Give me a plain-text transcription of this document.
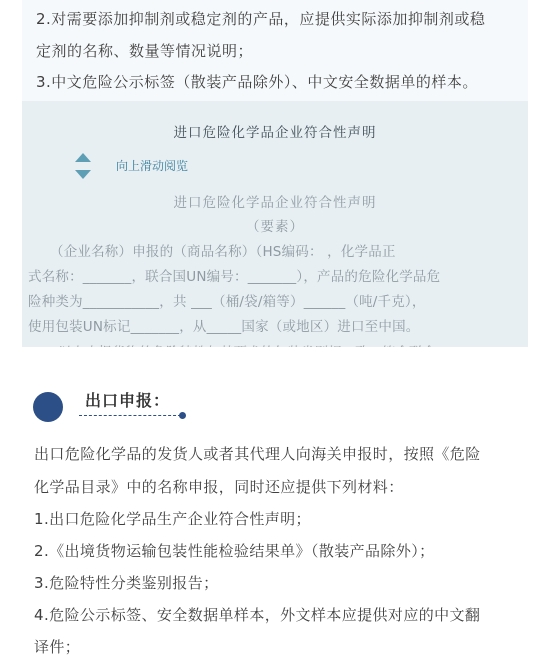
2.对需要添加抑制剂或稳定剂的产品，应提供实际添加抑制剂或稳
定剂的名称、数量等情况说明；
3.中文危险公示标签（散装产品除外）、中文安全数据单的样本。
进口危险化学品企业符合性声明
向上滑动阅览
进口危险化学品企业符合性声明
（要素）
（企业名称）申报的（商品名称）（HS编码： ，化学品正
式名称：_______，联合国UN编号：_______），产品的危险化学品危
险种类为___________，共 ___（桶/袋/箱等）______（吨/千克），
使用包装UN标记_______，从_____国家（或地区）进口至中国。
出口申报：
出口危险化学品的发货人或者其代理人向海关申报时，按照《危险
化学品目录》中的名称申报，同时还应提供下列材料：
1.出口危险化学品生产企业符合性声明；
2.《出境货物运输包装性能检验结果单》（散装产品除外）；
3.危险特性分类鉴别报告；
4.危险公示标签、安全数据单样本，外文样本应提供对应的中文翻
译件；
